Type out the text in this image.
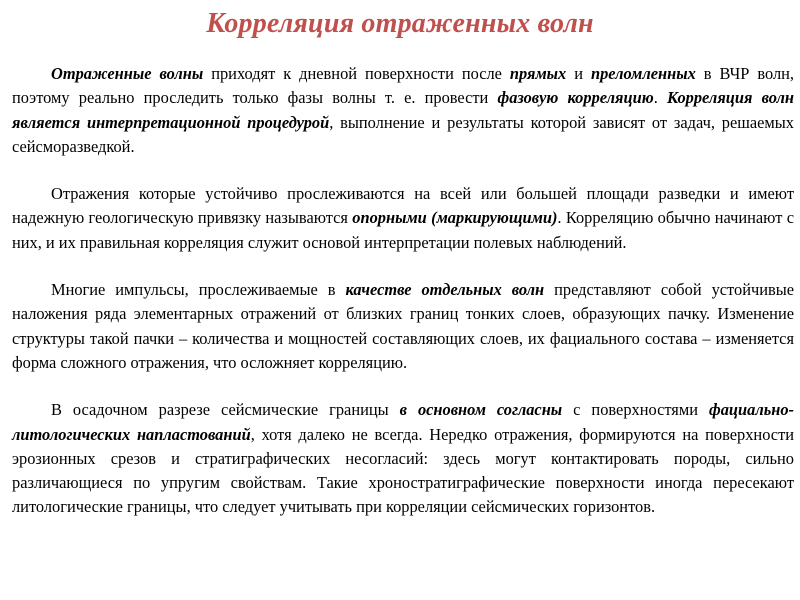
Корреляция отраженных волн

Отраженные волны приходят к дневной поверхности после прямых и преломленных в ВЧР волн, поэтому реально проследить только фазы волны т. е. провести фазовую корреляцию. Корреляция волн является интерпретационной процедурой, выполнение и результаты которой зависят от задач, решаемых сейсморазведкой.

Отражения которые устойчиво прослеживаются на всей или большей площади разведки и имеют надежную геологическую привязку называются опорными (маркирующими). Корреляцию обычно начинают с них, и их правильная корреляция служит основой интерпретации полевых наблюдений.

Многие импульсы, прослеживаемые в качестве отдельных волн представляют собой устойчивые наложения ряда элементарных отражений от близких границ тонких слоев, образующих пачку. Изменение структуры такой пачки – количества и мощностей составляющих слоев, их фациального состава – изменяется форма сложного отражения, что осложняет корреляцию.

В осадочном разрезе сейсмические границы в основном согласны с поверхностями фациально-литологических напластований, хотя далеко не всегда. Нередко отражения, формируются на поверхности эрозионных срезов и стратиграфических несогласий: здесь могут контактировать породы, сильно различающиеся по упругим свойствам. Такие хроностратиграфические поверхности иногда пересекают литологические границы, что следует учитывать при корреляции сейсмических горизонтов.
